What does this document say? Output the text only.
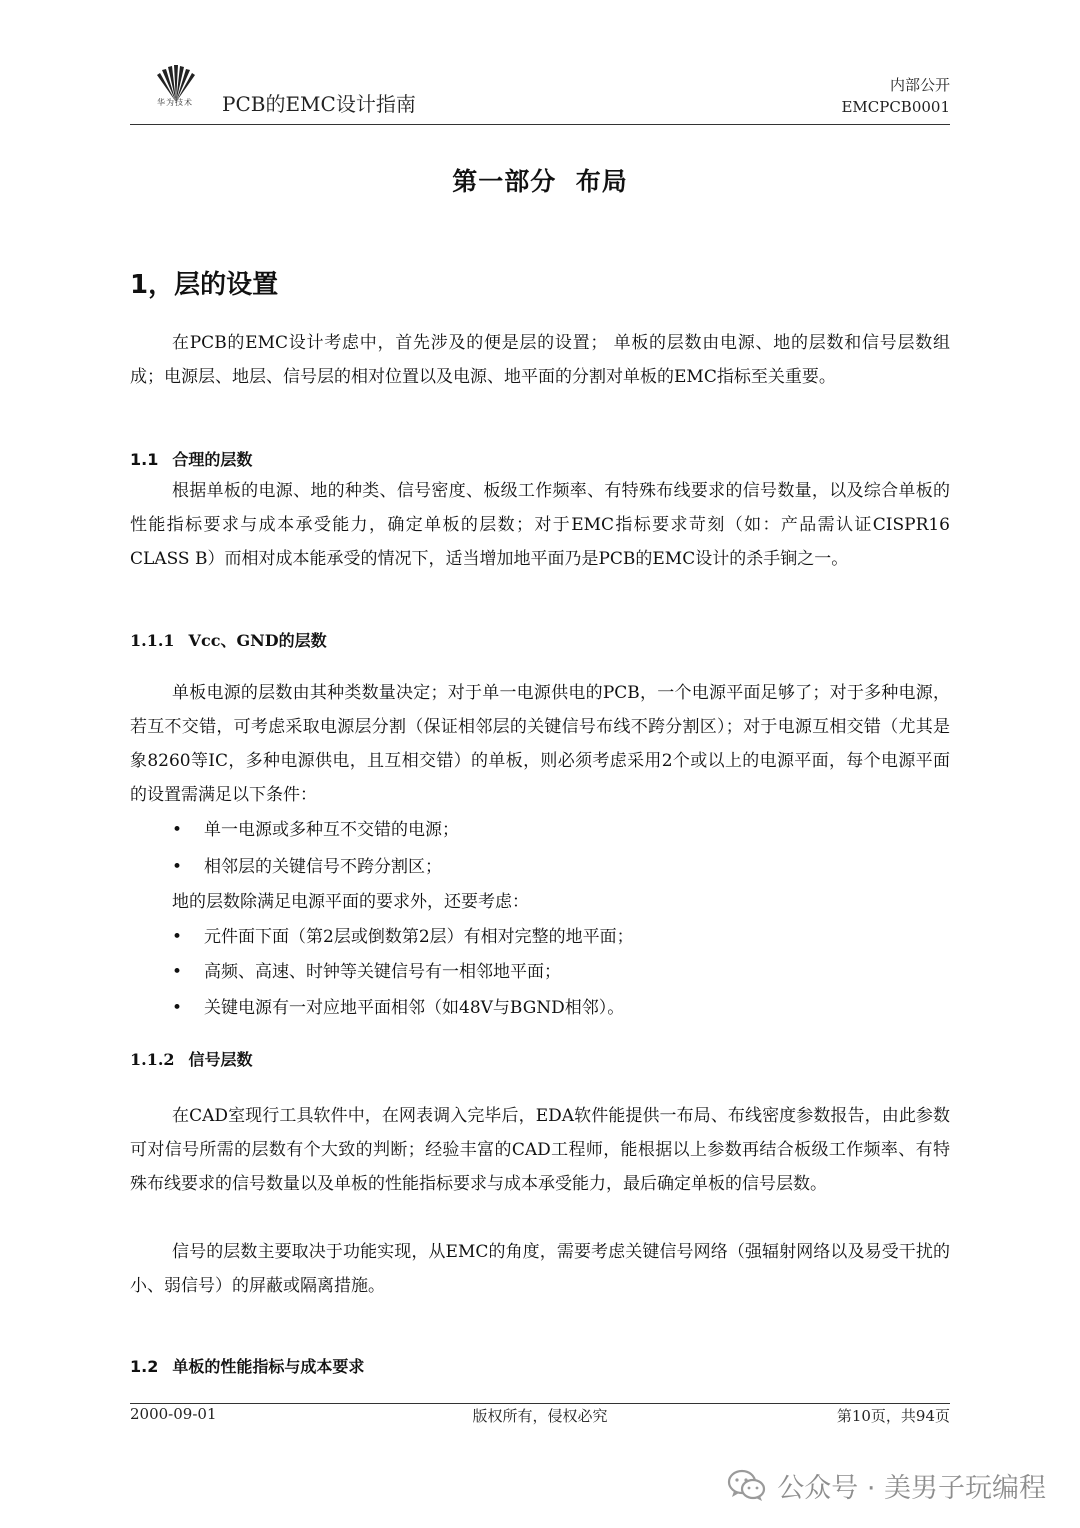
华为技术 PCB的EMC设计指南
内部公开
EMCPCB0001
第一部分  布局
1，层的设置

在PCB的EMC设计考虑中，首先涉及的便是层的设置； 单板的层数由电源、地的层数和信号层数组成；电源层、地层、信号层的相对位置以及电源、地平面的分割对单板的EMC指标至关重要。

1.1 合理的层数

根据单板的电源、地的种类、信号密度、板级工作频率、有特殊布线要求的信号数量，以及综合单板的性能指标要求与成本承受能力，确定单板的层数；对于EMC指标要求苛刻（如：产品需认证CISPR16 CLASS B）而相对成本能承受的情况下，适当增加地平面乃是PCB的EMC设计的杀手锏之一。

1.1.1 Vcc、GND的层数

单板电源的层数由其种类数量决定；对于单一电源供电的PCB，一个电源平面足够了；对于多种电源，若互不交错，可考虑采取电源层分割（保证相邻层的关键信号布线不跨分割区）；对于电源互相交错（尤其是象8260等IC，多种电源供电，且互相交错）的单板，则必须考虑采用2个或以上的电源平面，每个电源平面的设置需满足以下条件：

• 单一电源或多种互不交错的电源；
• 相邻层的关键信号不跨分割区；
地的层数除满足电源平面的要求外，还要考虑：
• 元件面下面（第2层或倒数第2层）有相对完整的地平面；
• 高频、高速、时钟等关键信号有一相邻地平面；
• 关键电源有一对应地平面相邻（如48V与BGND相邻）。
1.1.2 信号层数

在CAD室现行工具软件中，在网表调入完毕后，EDA软件能提供一布局、布线密度参数报告，由此参数可对信号所需的层数有个大致的判断；经验丰富的CAD工程师，能根据以上参数再结合板级工作频率、有特殊布线要求的信号数量以及单板的性能指标要求与成本承受能力，最后确定单板的信号层数。

信号的层数主要取决于功能实现，从EMC的角度，需要考虑关键信号网络（强辐射网络以及易受干扰的小、弱信号）的屏蔽或隔离措施。

1.2 单板的性能指标与成本要求
2000-09-01	版权所有，侵权必究	第10页，共94页
公众号 · 美男子玩编程
